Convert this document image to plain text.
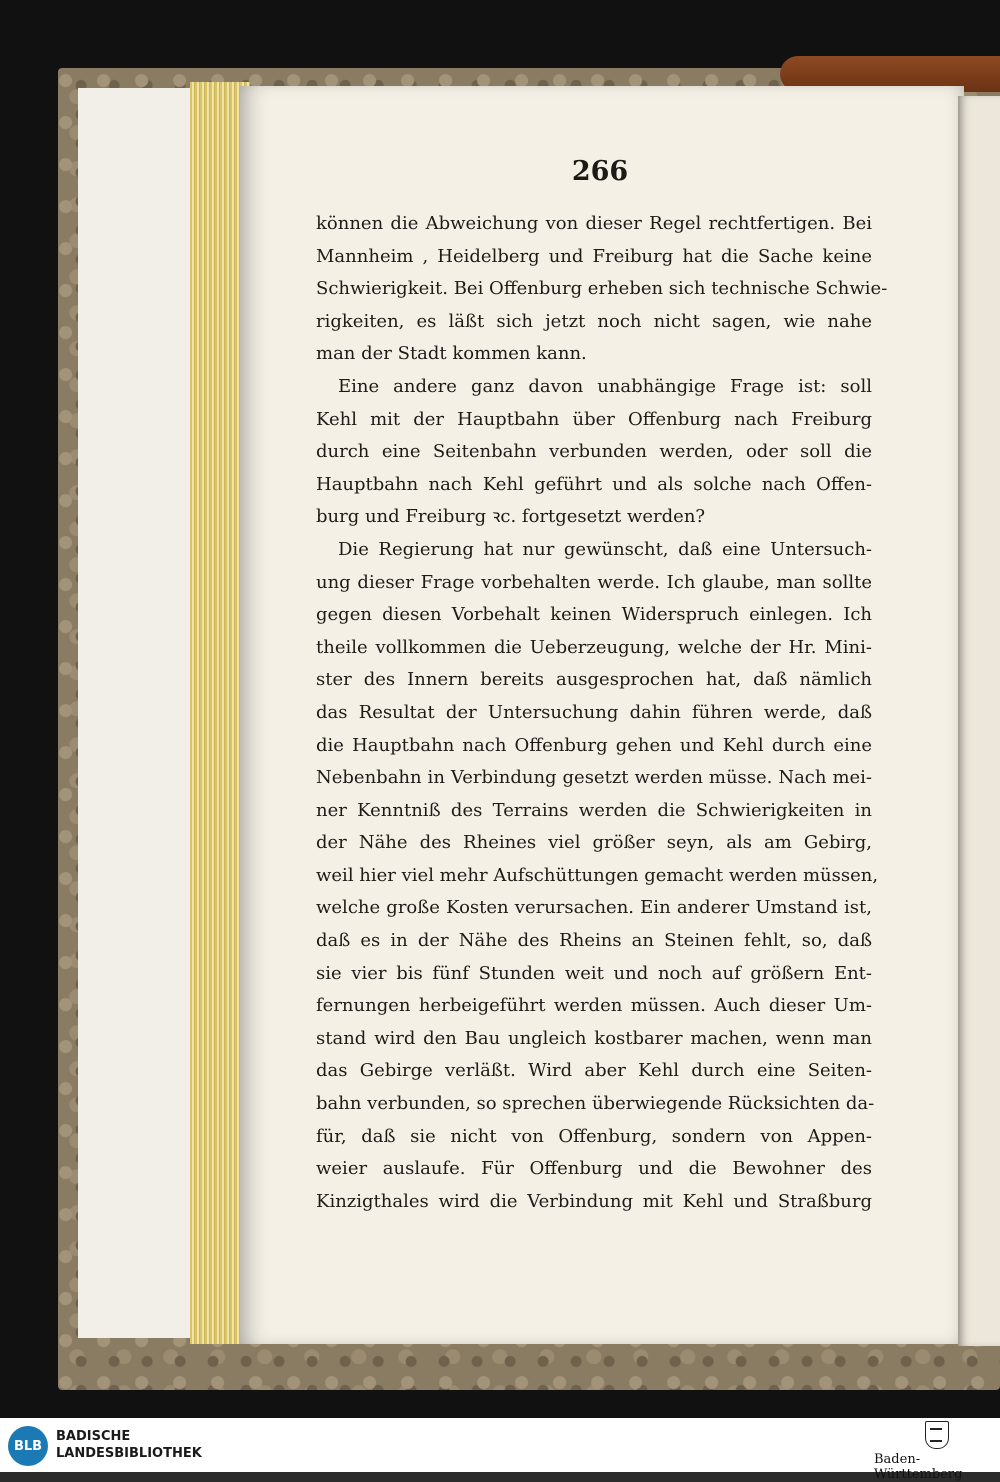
266
können die Abweichung von dieser Regel rechtfertigen. Bei
Mannheim , Heidelberg und Freiburg hat die Sache keine
Schwierigkeit. Bei Offenburg erheben sich technische Schwie-
rigkeiten, es läßt sich jetzt noch nicht sagen, wie nahe
man der Stadt kommen kann.
Eine andere ganz davon unabhängige Frage ist: soll
Kehl mit der Hauptbahn über Offenburg nach Freiburg
durch eine Seitenbahn verbunden werden, oder soll die
Hauptbahn nach Kehl geführt und als solche nach Offen-
burg und Freiburg ꝛc. fortgesetzt werden?
Die Regierung hat nur gewünscht, daß eine Untersuch-
ung dieser Frage vorbehalten werde. Ich glaube, man sollte
gegen diesen Vorbehalt keinen Widerspruch einlegen. Ich
theile vollkommen die Ueberzeugung, welche der Hr. Mini-
ster des Innern bereits ausgesprochen hat, daß nämlich
das Resultat der Untersuchung dahin führen werde, daß
die Hauptbahn nach Offenburg gehen und Kehl durch eine
Nebenbahn in Verbindung gesetzt werden müsse. Nach mei-
ner Kenntniß des Terrains werden die Schwierigkeiten in
der Nähe des Rheines viel größer seyn, als am Gebirg,
weil hier viel mehr Aufschüttungen gemacht werden müssen,
welche große Kosten verursachen. Ein anderer Umstand ist,
daß es in der Nähe des Rheins an Steinen fehlt, so, daß
sie vier bis fünf Stunden weit und noch auf größern Ent-
fernungen herbeigeführt werden müssen. Auch dieser Um-
stand wird den Bau ungleich kostbarer machen, wenn man
das Gebirge verläßt. Wird aber Kehl durch eine Seiten-
bahn verbunden, so sprechen überwiegende Rücksichten da-
für, daß sie nicht von Offenburg, sondern von Appen-
weier auslaufe. Für Offenburg und die Bewohner des
Kinzigthales wird die Verbindung mit Kehl und Straßburg
BLB
BADISCHE
LANDESBIBLIOTHEK	Baden-Württemberg
